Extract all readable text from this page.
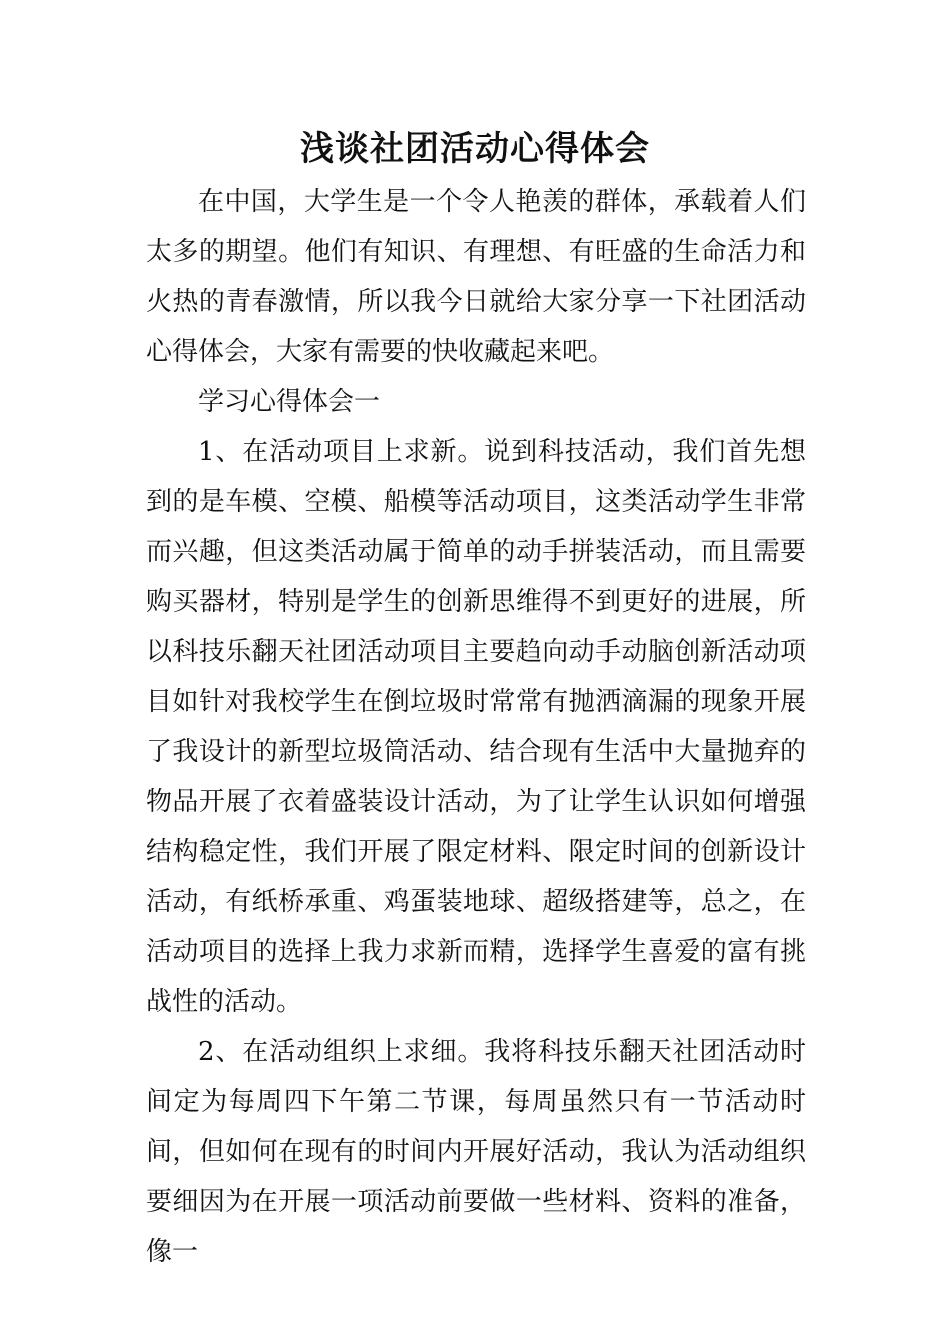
浅谈社团活动心得体会

在中国，大学生是一个令人艳羡的群体，承载着人们太多的期望。他们有知识、有理想、有旺盛的生命活力和火热的青春激情，所以我今日就给大家分享一下社团活动心得体会，大家有需要的快收藏起来吧。

学习心得体会一

1、在活动项目上求新。说到科技活动，我们首先想到的是车模、空模、船模等活动项目，这类活动学生非常而兴趣，但这类活动属于简单的动手拼装活动，而且需要购买器材，特别是学生的创新思维得不到更好的进展，所以科技乐翻天社团活动项目主要趋向动手动脑创新活动项目如针对我校学生在倒垃圾时常常有抛洒滴漏的现象开展了我设计的新型垃圾筒活动、结合现有生活中大量抛弃的物品开展了衣着盛装设计活动，为了让学生认识如何增强结构稳定性，我们开展了限定材料、限定时间的创新设计活动，有纸桥承重、鸡蛋装地球、超级搭建等，总之，在活动项目的选择上我力求新而精，选择学生喜爱的富有挑战性的活动。

2、在活动组织上求细。我将科技乐翻天社团活动时间定为每周四下午第二节课，每周虽然只有一节活动时间，但如何在现有的时间内开展好活动，我认为活动组织要细因为在开展一项活动前要做一些材料、资料的准备，像一
